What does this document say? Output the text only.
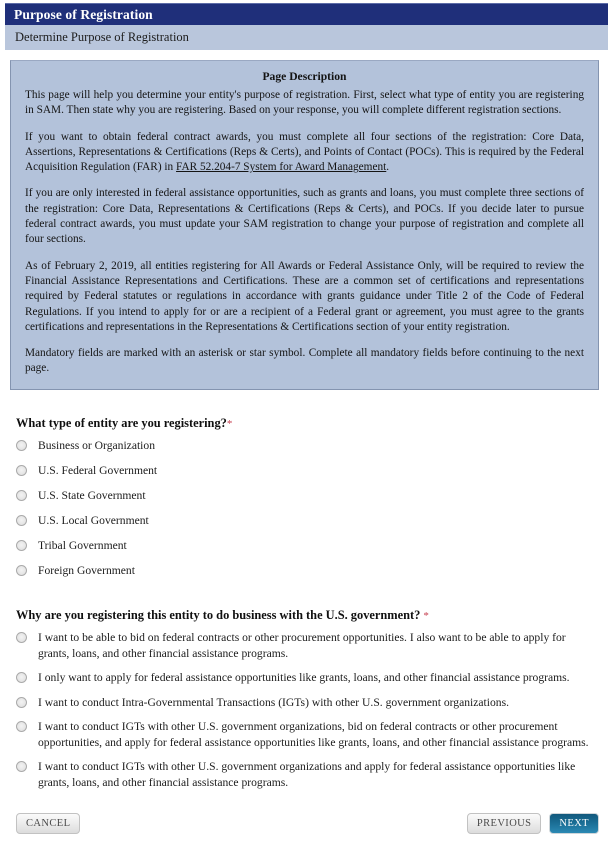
Purpose of Registration
Determine Purpose of Registration
Page Description

This page will help you determine your entity's purpose of registration. First, select what type of entity you are registering in SAM. Then state why you are registering. Based on your response, you will complete different registration sections.

If you want to obtain federal contract awards, you must complete all four sections of the registration: Core Data, Assertions, Representations & Certifications (Reps & Certs), and Points of Contact (POCs). This is required by the Federal Acquisition Regulation (FAR) in FAR 52.204-7 System for Award Management.

If you are only interested in federal assistance opportunities, such as grants and loans, you must complete three sections of the registration: Core Data, Representations & Certifications (Reps & Certs), and POCs. If you decide later to pursue federal contract awards, you must update your SAM registration to change your purpose of registration and complete all four sections.

As of February 2, 2019, all entities registering for All Awards or Federal Assistance Only, will be required to review the Financial Assistance Representations and Certifications. These are a common set of certifications and representations required by Federal statutes or regulations in accordance with grants guidance under Title 2 of the Code of Federal Regulations. If you intend to apply for or are a recipient of a Federal grant or agreement, you must agree to the grants certifications and representations in the Representations & Certifications section of your entity registration.

Mandatory fields are marked with an asterisk or star symbol. Complete all mandatory fields before continuing to the next page.

What type of entity are you registering?*
Business or Organization
U.S. Federal Government
U.S. State Government
U.S. Local Government
Tribal Government
Foreign Government
Why are you registering this entity to do business with the U.S. government? *
I want to be able to bid on federal contracts or other procurement opportunities. I also want to be able to apply for grants, loans, and other financial assistance programs.
I only want to apply for federal assistance opportunities like grants, loans, and other financial assistance programs.
I want to conduct Intra-Governmental Transactions (IGTs) with other U.S. government organizations.
I want to conduct IGTs with other U.S. government organizations, bid on federal contracts or other procurement opportunities, and apply for federal assistance opportunities like grants, loans, and other financial assistance programs.
I want to conduct IGTs with other U.S. government organizations and apply for federal assistance opportunities like grants, loans, and other financial assistance programs.
CANCEL	PREVIOUS	NEXT
